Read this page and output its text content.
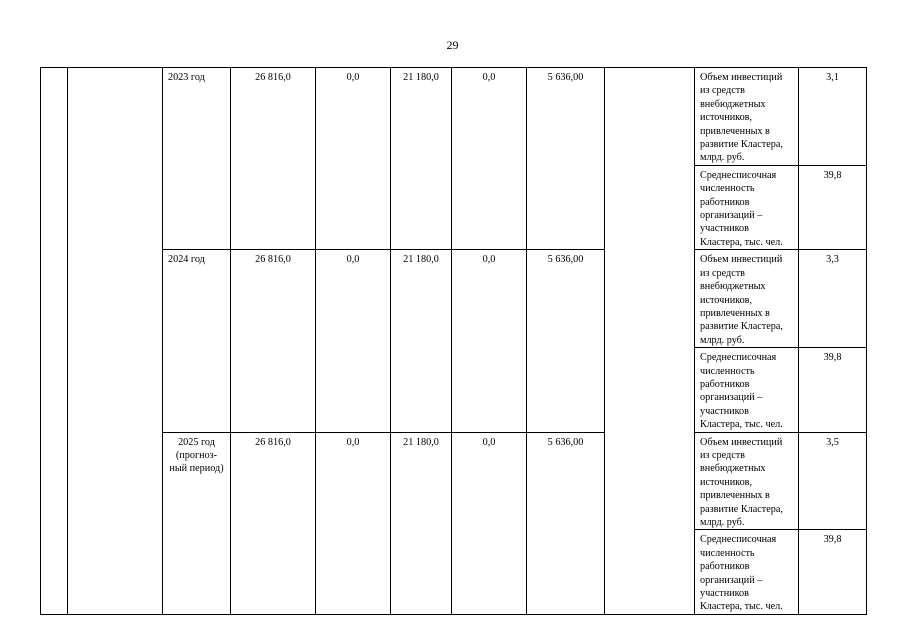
29
		2023 год	26 816,0	0,0	21 180,0	0,0	5 636,00		Объем инвестиций из средств внебюджетных источников, привлеченных в развитие Кластера, млрд. руб.	3,1
									Среднесписочная численность работников организаций – участников Кластера, тыс. чел.	39,8
		2024 год	26 816,0	0,0	21 180,0	0,0	5 636,00		Объем инвестиций из средств внебюджетных источников, привлеченных в развитие Кластера, млрд. руб.	3,3
									Среднесписочная численность работников организаций – участников Кластера, тыс. чел.	39,8
		2025 год (прогноз-ный период)	26 816,0	0,0	21 180,0	0,0	5 636,00		Объем инвестиций из средств внебюджетных источников, привлеченных в развитие Кластера, млрд. руб.	3,5
									Среднесписочная численность работников организаций – участников Кластера, тыс. чел.	39,8
